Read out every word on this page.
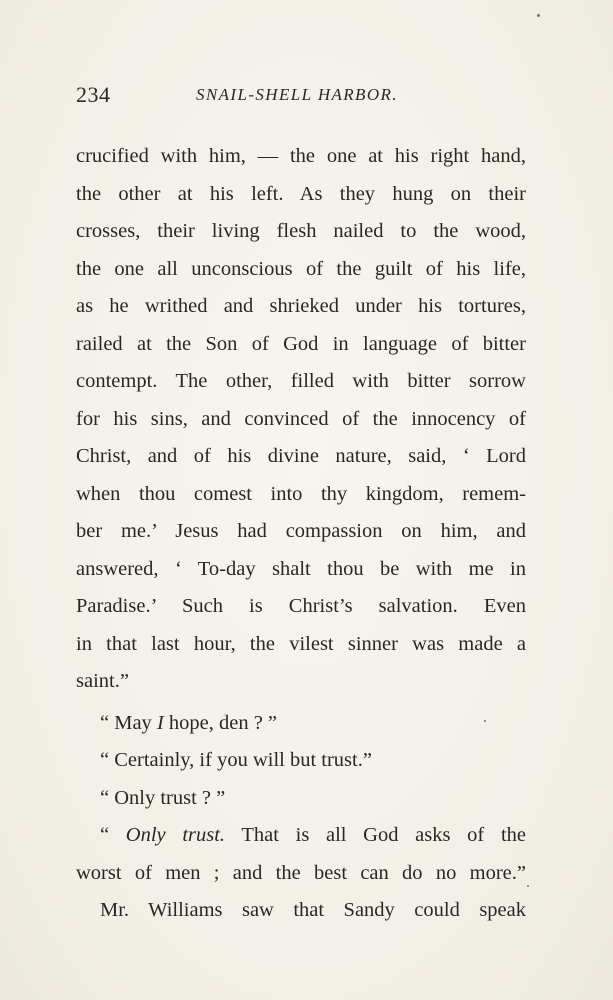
234	SNAIL-SHELL HARBOR.
crucified with him, — the one at his right hand,
the other at his left. As they hung on their
crosses, their living flesh nailed to the wood,
the one all unconscious of the guilt of his life,
as he writhed and shrieked under his tortures,
railed at the Son of God in language of bitter
contempt. The other, filled with bitter sorrow
for his sins, and convinced of the innocency of
Christ, and of his divine nature, said, ‘ Lord
when thou comest into thy kingdom, remem-
ber me.’ Jesus had compassion on him, and
answered, ‘ To-day shalt thou be with me in
Paradise.’ Such is Christ’s salvation. Even
in that last hour, the vilest sinner was made a
saint.”
“ May I hope, den ? ”
“ Certainly, if you will but trust.”
“ Only trust ? ”
“ Only trust. That is all God asks of the
worst of men ; and the best can do no more.”
Mr. Williams saw that Sandy could speak
